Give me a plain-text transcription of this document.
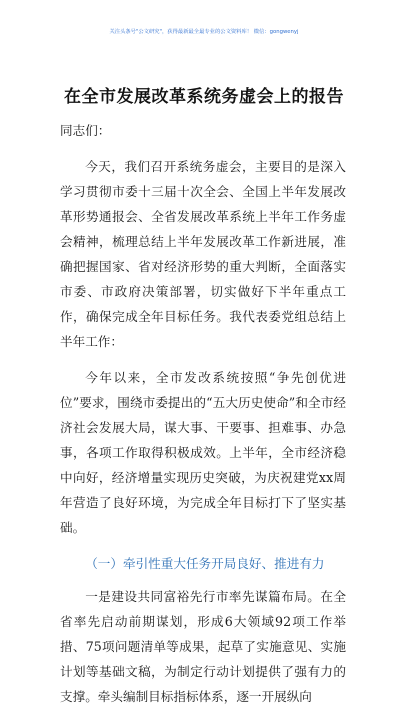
关注头条号"公文研究"，获得最新最全最专业的公文资料库！ 微信：gongwenyj
在全市发展改革系统务虚会上的报告

同志们：

今天，我们召开系统务虚会，主要目的是深入学习贯彻市委十三届十次全会、全国上半年发展改革形势通报会、全省发展改革系统上半年工作务虚会精神，梳理总结上半年发展改革工作新进展，准确把握国家、省对经济形势的重大判断，全面落实市委、市政府决策部署，切实做好下半年重点工作，确保完成全年目标任务。我代表委党组总结上半年工作：

今年以来，全市发改系统按照“争先创优进位”要求，围绕市委提出的“五大历史使命”和全市经济社会发展大局，谋大事、干要事、担难事、办急事，各项工作取得积极成效。上半年，全市经济稳中向好，经济增量实现历史突破，为庆祝建党xx周年营造了良好环境，为完成全年目标打下了坚实基础。

（一）牵引性重大任务开局良好、推进有力

一是建设共同富裕先行市率先谋篇布局。在全省率先启动前期谋划，形成6大领域92项工作举措、75项问题清单等成果，起草了实施意见、实施计划等基础文稿，为制定行动计划提供了强有力的支撑。牵头编制目标指标体系，逐一开展纵向
